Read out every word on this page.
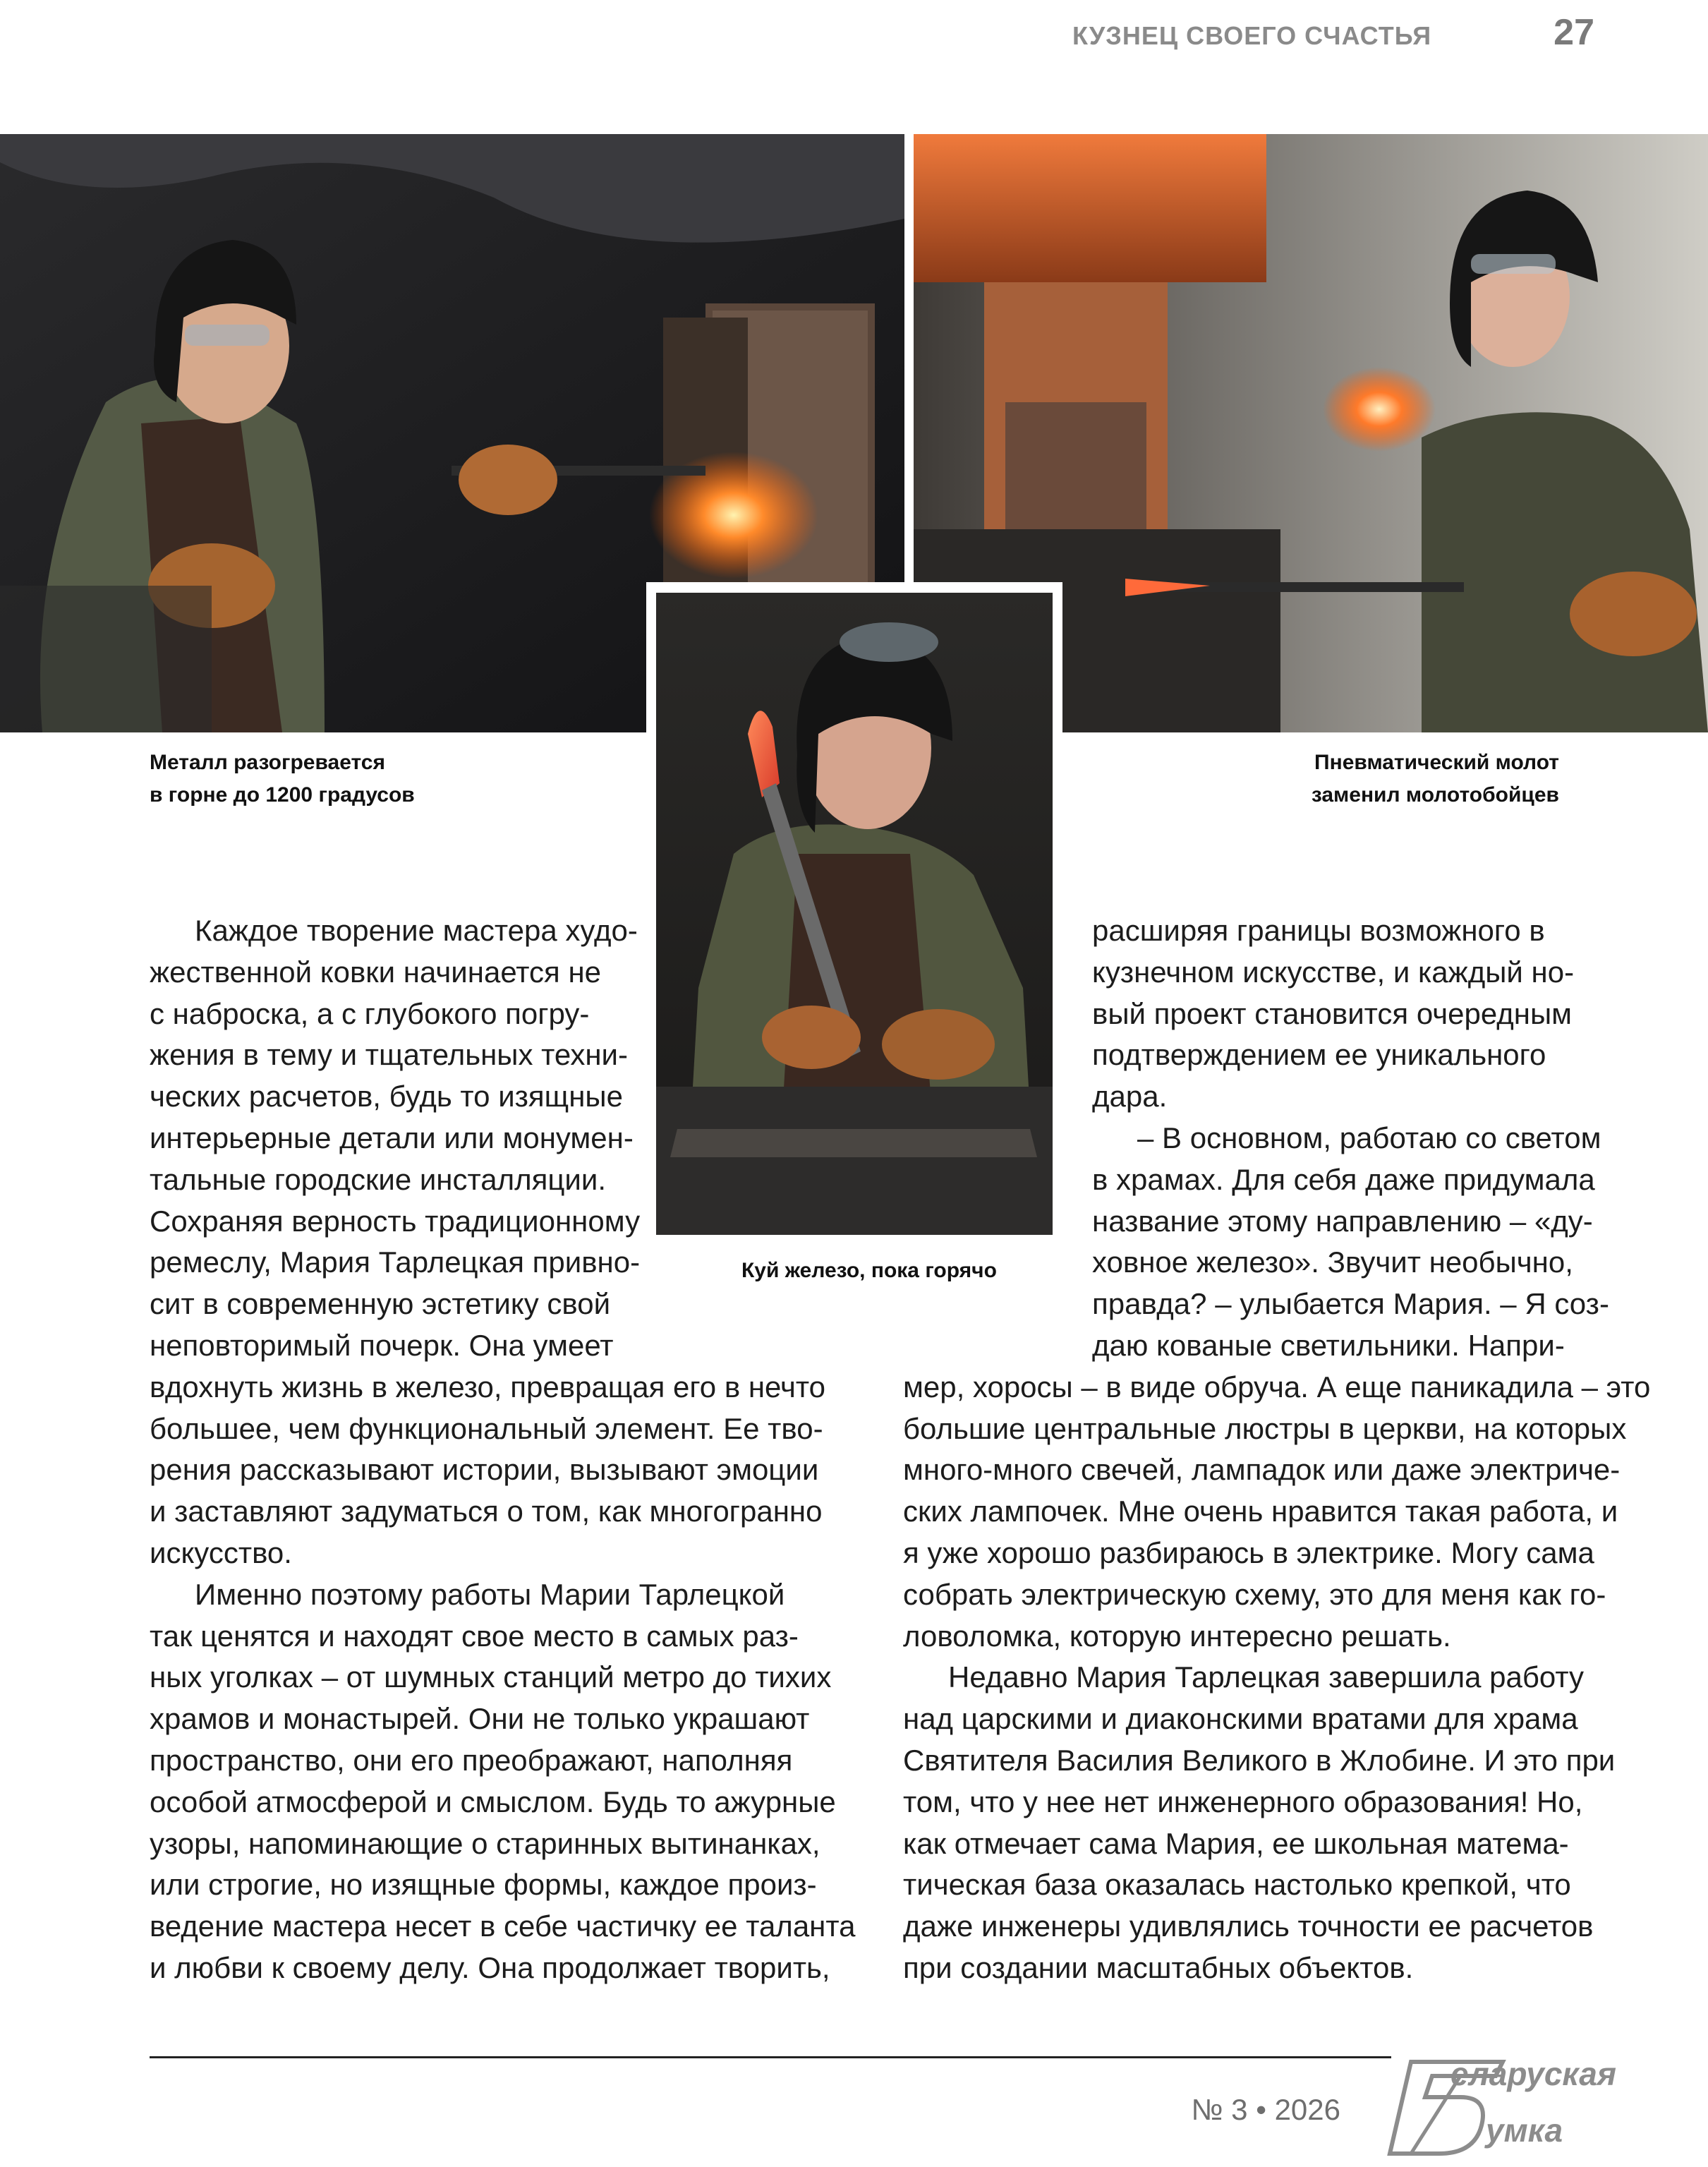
КУЗНЕЦ СВОЕГО СЧАСТЬЯ	27
Металл разогревается
в горне до 1200 градусов
Пневматический молот
заменил молотобойцев
Куй железо, пока горячо
Каждое творение мастера худо-
жественной ковки начинается не
с наброска, а с глубокого погру-
жения в тему и тщательных техни-
ческих расчетов, будь то изящные
интерьерные детали или монумен-
тальные городские инсталляции.
Сохраняя верность традиционному
ремеслу, Мария Тарлецкая привно-
сит в современную эстетику свой
неповторимый почерк. Она умеет
вдохнуть жизнь в железо, превращая его в нечто
большее, чем функциональный элемент. Ее тво-
рения рассказывают истории, вызывают эмоции
и заставляют задуматься о том, как многогранно
искусство.
Именно поэтому работы Марии Тарлецкой
так ценятся и находят свое место в самых раз-
ных уголках – от шумных станций метро до тихих
храмов и монастырей. Они не только украшают
пространство, они его преображают, наполняя
особой атмосферой и смыслом. Будь то ажурные
узоры, напоминающие о старинных вытинанках,
или строгие, но изящные формы, каждое произ-
ведение мастера несет в себе частичку ее таланта
и любви к своему делу. Она продолжает творить,
расширяя границы возможного в
кузнечном искусстве, и каждый но-
вый проект становится очередным
подтверждением ее уникального
дара.
– В основном, работаю со светом
в храмах. Для себя даже придумала
название этому направлению – «ду-
ховное железо». Звучит необычно,
правда? – улыбается Мария. – Я соз-
даю кованые светильники. Напри-
мер, хоросы – в виде обруча. А еще паникадила – это
большие центральные люстры в церкви, на которых
много-много свечей, лампадок или даже электриче-
ских лампочек. Мне очень нравится такая работа, и
я уже хорошо разбираюсь в электрике. Могу сама
собрать электрическую схему, это для меня как го-
ловоломка, которую интересно решать.
Недавно Мария Тарлецкая завершила работу
над царскими и диаконскими вратами для храма
Святителя Василия Великого в Жлобине. И это при
том, что у нее нет инженерного образования! Но,
как отмечает сама Мария, ее школьная матема-
тическая база оказалась настолько крепкой, что
даже инженеры удивлялись точности ее расчетов
при создании масштабных объектов.
№ 3 • 2026
еларуская
умка
